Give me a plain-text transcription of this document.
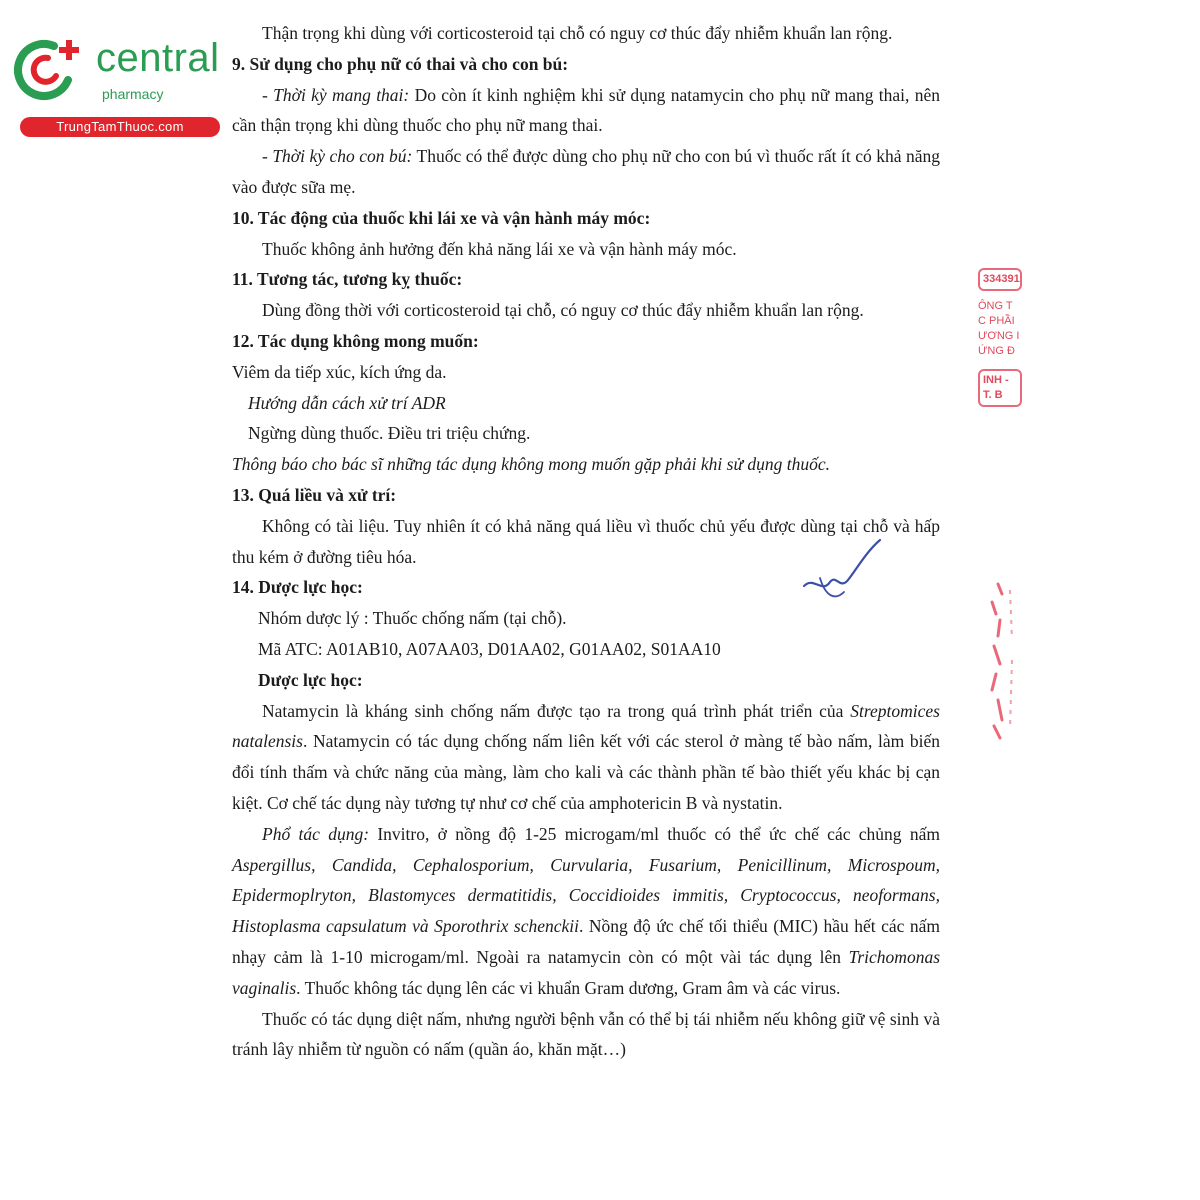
central
pharmacy
TrungTamThuoc.com

Thận trọng khi dùng với corticosteroid tại chỗ có nguy cơ thúc đẩy nhiễm khuẩn lan rộng.

9. Sử dụng cho phụ nữ có thai và cho con bú:

- Thời kỳ mang thai: Do còn ít kinh nghiệm khi sử dụng natamycin cho phụ nữ mang thai, nên cần thận trọng khi dùng thuốc cho phụ nữ mang thai.

- Thời kỳ cho con bú: Thuốc có thể được dùng cho phụ nữ cho con bú vì thuốc rất ít có khả năng vào được sữa mẹ.

10. Tác động của thuốc khi lái xe và vận hành máy móc:

Thuốc không ảnh hưởng đến khả năng lái xe và vận hành máy móc.

11. Tương tác, tương kỵ thuốc:

Dùng đồng thời với corticosteroid tại chỗ, có nguy cơ thúc đẩy nhiễm khuẩn lan rộng.

12. Tác dụng không mong muốn:

Viêm da tiếp xúc, kích ứng da.

Hướng dẫn cách xử trí ADR

Ngừng dùng thuốc. Điều tri triệu chứng.

Thông báo cho bác sĩ những tác dụng không mong muốn gặp phải khi sử dụng thuốc.

13. Quá liều và xử trí:

Không có tài liệu. Tuy nhiên ít có khả năng quá liều vì thuốc chủ yếu được dùng tại chỗ và hấp thu kém ở đường tiêu hóa.

14. Dược lực học:

Nhóm dược lý : Thuốc chống nấm (tại chỗ).

Mã ATC: A01AB10, A07AA03, D01AA02, G01AA02, S01AA10

Dược lực học:

Natamycin là kháng sinh chống nấm được tạo ra trong quá trình phát triển của Streptomices natalensis. Natamycin có tác dụng chống nấm liên kết với các sterol ở màng tế bào nấm, làm biến đổi tính thấm và chức năng của màng, làm cho kali và các thành phần tế bào thiết yếu khác bị cạn kiệt. Cơ chế tác dụng này tương tự như cơ chế của amphotericin B và nystatin.

Phổ tác dụng: Invitro, ở nồng độ 1-25 microgam/ml thuốc có thể ức chế các chủng nấm Aspergillus, Candida, Cephalosporium, Curvularia, Fusarium, Penicillinum, Microspoum, Epidermoplryton, Blastomyces dermatitidis, Coccidioides immitis, Cryptococcus, neoformans, Histoplasma capsulatum và Sporothrix schenckii. Nồng độ ức chế tối thiểu (MIC) hầu hết các nấm nhạy cảm là 1-10 microgam/ml. Ngoài ra natamycin còn có một vài tác dụng lên Trichomonas vaginalis. Thuốc không tác dụng lên các vi khuẩn Gram dương, Gram âm và các virus.

Thuốc có tác dụng diệt nấm, nhưng người bệnh vẫn có thể bị tái nhiễm nếu không giữ vệ sinh và tránh lây nhiễm từ nguồn có nấm (quần áo, khăn mặt…)

334391
ÔNG T
C PHẦI
ƯƠNG I
ỨNG Đ
INH - T. B
